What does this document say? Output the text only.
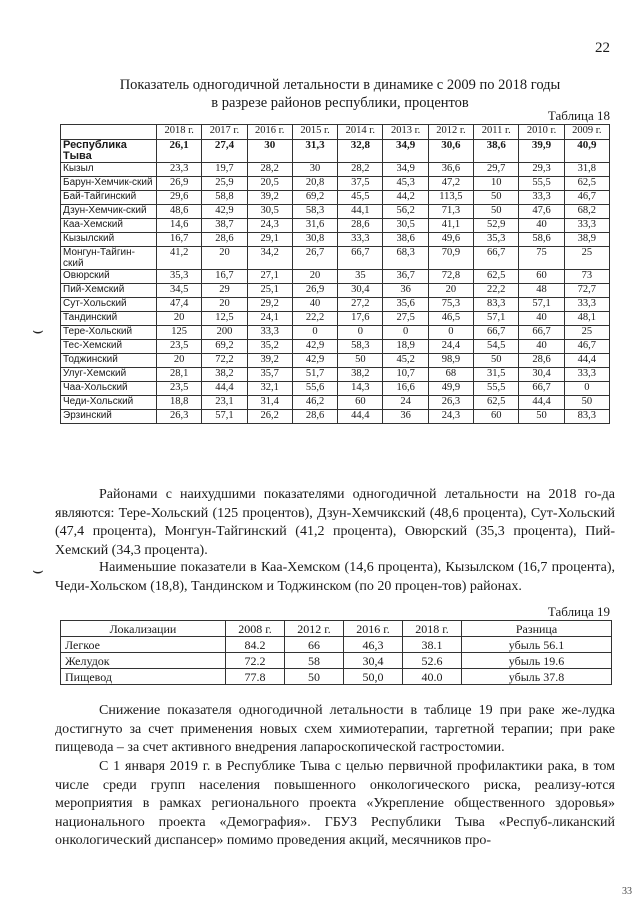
22
Показатель одногодичной летальности в динамике с 2009 по 2018 годы
в разрезе районов республики, процентов
Таблица 18
	2018 г.	2017 г.	2016 г.	2015 г.	2014 г.	2013 г.	2012 г.	2011 г.	2010 г.	2009 г.
Республика Тыва	26,1	27,4	30	31,3	32,8	34,9	30,6	38,6	39,9	40,9
Кызыл	23,3	19,7	28,2	30	28,2	34,9	36,6	29,7	29,3	31,8
Барун-Хемчик-ский	26,9	25,9	20,5	20,8	37,5	45,3	47,2	10	55,5	62,5
Бай-Тайгинский	29,6	58,8	39,2	69,2	45,5	44,2	113,5	50	33,3	46,7
Дзун-Хемчик-ский	48,6	42,9	30,5	58,3	44,1	56,2	71,3	50	47,6	68,2
Каа-Хемский	14,6	38,7	24,3	31,6	28,6	30,5	41,1	52,9	40	33,3
Кызылский	16,7	28,6	29,1	30,8	33,3	38,6	49,6	35,3	58,6	38,9
Монгун-Тайгин-ский	41,2	20	34,2	26,7	66,7	68,3	70,9	66,7	75	25
Овюрский	35,3	16,7	27,1	20	35	36,7	72,8	62,5	60	73
Пий-Хемский	34,5	29	25,1	26,9	30,4	36	20	22,2	48	72,7
Сут-Хольский	47,4	20	29,2	40	27,2	35,6	75,3	83,3	57,1	33,3
Тандинский	20	12,5	24,1	22,2	17,6	27,5	46,5	57,1	40	48,1
Тере-Хольский	125	200	33,3	0	0	0	0	66,7	66,7	25
Тес-Хемский	23,5	69,2	35,2	42,9	58,3	18,9	24,4	54,5	40	46,7
Тоджинский	20	72,2	39,2	42,9	50	45,2	98,9	50	28,6	44,4
Улуг-Хемский	28,1	38,2	35,7	51,7	38,2	10,7	68	31,5	30,4	33,3
Чаа-Хольский	23,5	44,4	32,1	55,6	14,3	16,6	49,9	55,5	66,7	0
Чеди-Хольский	18,8	23,1	31,4	46,2	60	24	26,3	62,5	44,4	50
Эрзинский	26,3	57,1	26,2	28,6	44,4	36	24,3	60	50	83,3
⌣

Районами с наихудшими показателями одногодичной летальности на 2018 го-да являются: Тере-Хольский (125 процентов), Дзун-Хемчикский (48,6 процента), Сут-Хольский (47,4 процента), Монгун-Тайгинский (41,2 процента), Овюрский (35,3 процента), Пий-Хемский (34,3 процента).

Наименьшие показатели в Каа-Хемском (14,6 процента), Кызылском (16,7 процента), Чеди-Хольском (18,8), Тандинском и Тоджинском (по 20 процен-тов) районах.

⌣
Таблица 19
Локализации	2008 г.	2012 г.	2016 г.	2018 г.	Разница
Легкое	84.2	66	46,3	38.1	убыль 56.1
Желудок	72.2	58	30,4	52.6	убыль 19.6
Пищевод	77.8	50	50,0	40.0	убыль 37.8

Снижение показателя одногодичной летальности в таблице 19 при раке же-лудка достигнуто за счет применения новых схем химиотерапии, таргетной терапии; при раке пищевода – за счет активного внедрения лапароскопической гастростомии.

С 1 января 2019 г. в Республике Тыва с целью первичной профилактики рака, в том числе среди групп населения повышенного онкологического риска, реализу-ются мероприятия в рамках регионального проекта «Укрепление общественного здоровья» национального проекта «Демография». ГБУЗ Республики Тыва «Респуб-ликанский онкологический диспансер» помимо проведения акций, месячников про-

33
